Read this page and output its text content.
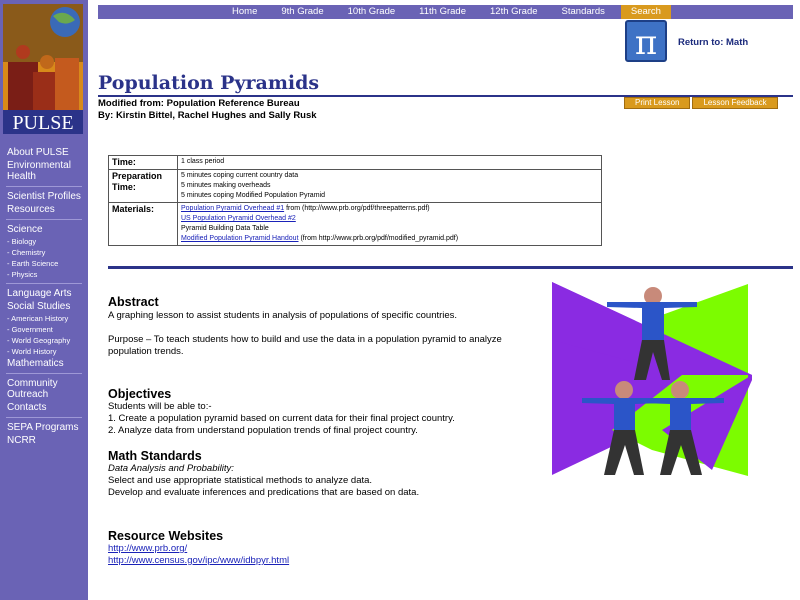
PULSE
About PULSE
Environmental Health
Scientist Profiles
Resources
Science
- Biology
- Chemistry
- Earth Science
- Physics
Language Arts
Social Studies
- American History
- Government
- World Geography
- World History
Mathematics
Community Outreach
Contacts
SEPA Programs
NCRR
Home	9th Grade	10th Grade	11th Grade	12th Grade	Standards	Search
π	Return to: Math
Population Pyramids
Modified from: Population Reference Bureau
By: Kirstin Bittel, Rachel Hughes and Sally Rusk
Print Lesson	Lesson Feedback
Time:	1 class period
Preparation Time:	5 minutes coping current country data
5 minutes making overheads
5 minutes coping Modified Population Pyramid

Materials:	Population Pyramid Overhead #1 from (http://www.prb.org/pdf/threepatterns.pdf)
US Population Pyramid Overhead #2
Pyramid Building Data Table
Modified Population Pyramid Handout (from http://www.prb.org/pdf/modified_pyramid.pdf)
Abstract
A graphing lesson to assist students in analysis of populations of specific countries.
Purpose – To teach students how to build and use the data in a population pyramid to analyze population trends.
Objectives
Students will be able to:-
1. Create a population pyramid based on current data for their final project country.
2. Analyze data from understand population trends of final project country.
Math Standards
Data Analysis and Probability:
Select and use appropriate statistical methods to analyze data.
Develop and evaluate inferences and predications that are based on data.
Resource Websites
http://www.prb.org/
http://www.census.gov/ipc/www/idbpyr.html
